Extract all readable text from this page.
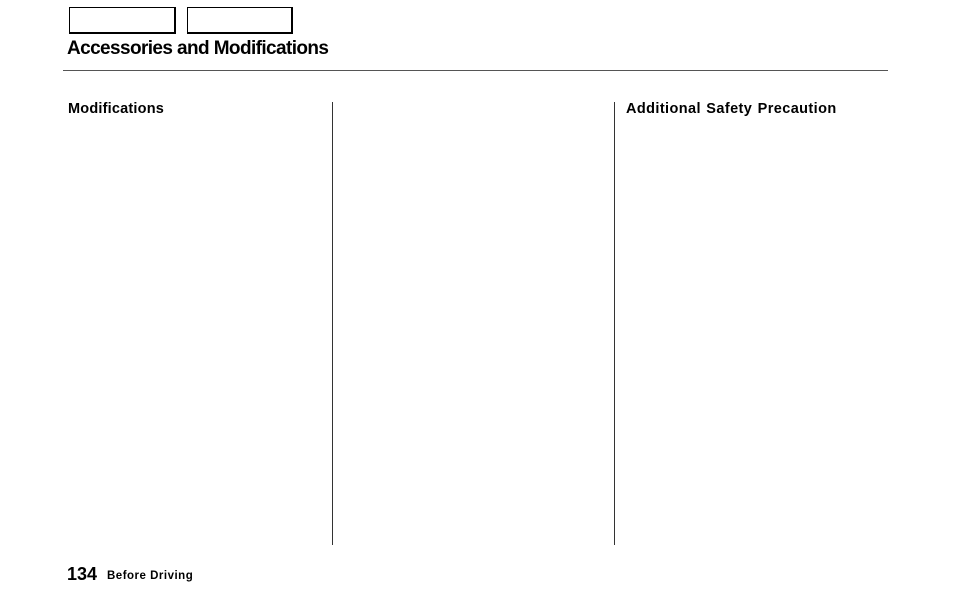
Accessories and Modifications
Modifications	Additional Safety Precaution
134 Before Driving
